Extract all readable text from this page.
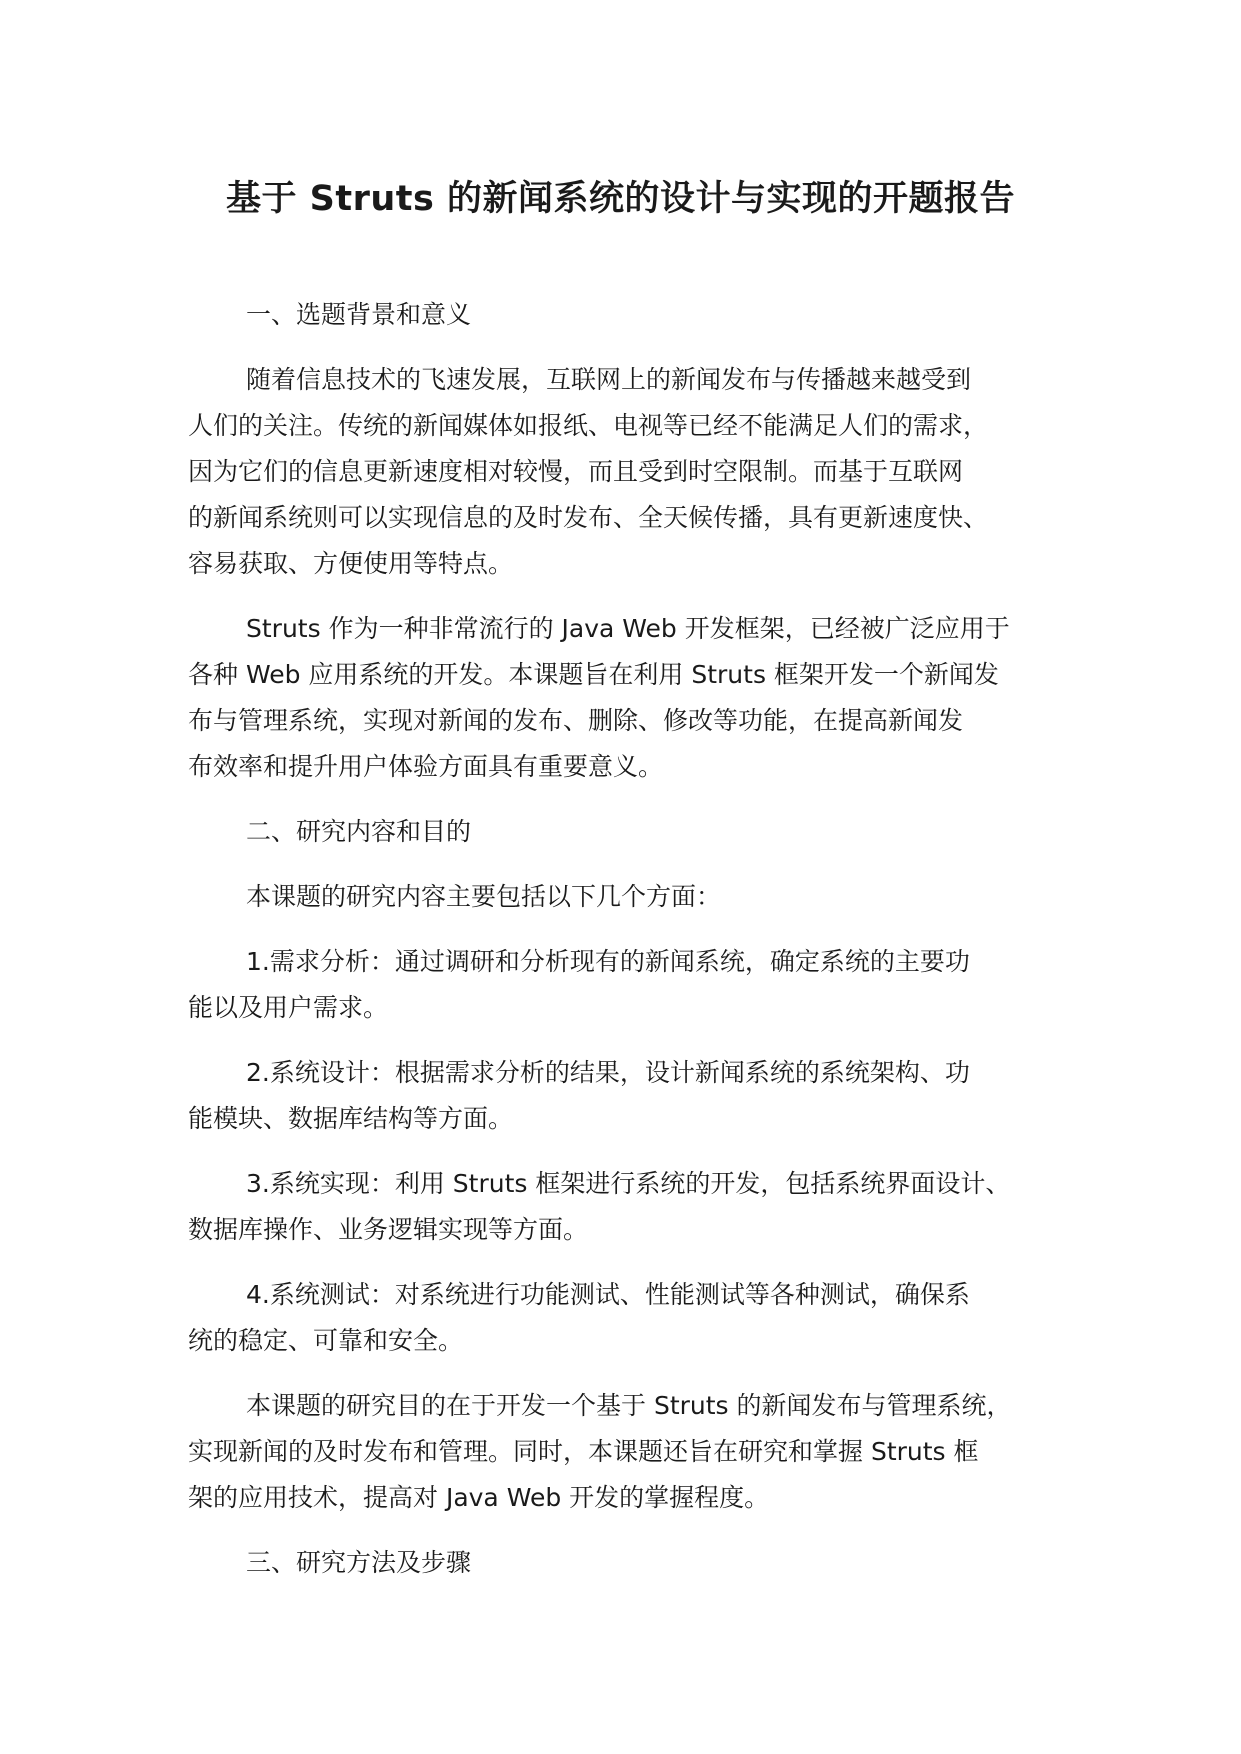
基于 Struts 的新闻系统的设计与实现的开题报告
一、选题背景和意义
随着信息技术的飞速发展，互联网上的新闻发布与传播越来越受到
人们的关注。传统的新闻媒体如报纸、电视等已经不能满足人们的需求，
因为它们的信息更新速度相对较慢，而且受到时空限制。而基于互联网
的新闻系统则可以实现信息的及时发布、全天候传播，具有更新速度快、
容易获取、方便使用等特点。
Struts 作为一种非常流行的 Java Web 开发框架，已经被广泛应用于
各种 Web 应用系统的开发。本课题旨在利用 Struts 框架开发一个新闻发
布与管理系统，实现对新闻的发布、删除、修改等功能，在提高新闻发
布效率和提升用户体验方面具有重要意义。
二、研究内容和目的
本课题的研究内容主要包括以下几个方面：
1.需求分析：通过调研和分析现有的新闻系统，确定系统的主要功
能以及用户需求。
2.系统设计：根据需求分析的结果，设计新闻系统的系统架构、功
能模块、数据库结构等方面。
3.系统实现：利用 Struts 框架进行系统的开发，包括系统界面设计、
数据库操作、业务逻辑实现等方面。
4.系统测试：对系统进行功能测试、性能测试等各种测试，确保系
统的稳定、可靠和安全。
本课题的研究目的在于开发一个基于 Struts 的新闻发布与管理系统，
实现新闻的及时发布和管理。同时，本课题还旨在研究和掌握 Struts 框
架的应用技术，提高对 Java Web 开发的掌握程度。
三、研究方法及步骤
